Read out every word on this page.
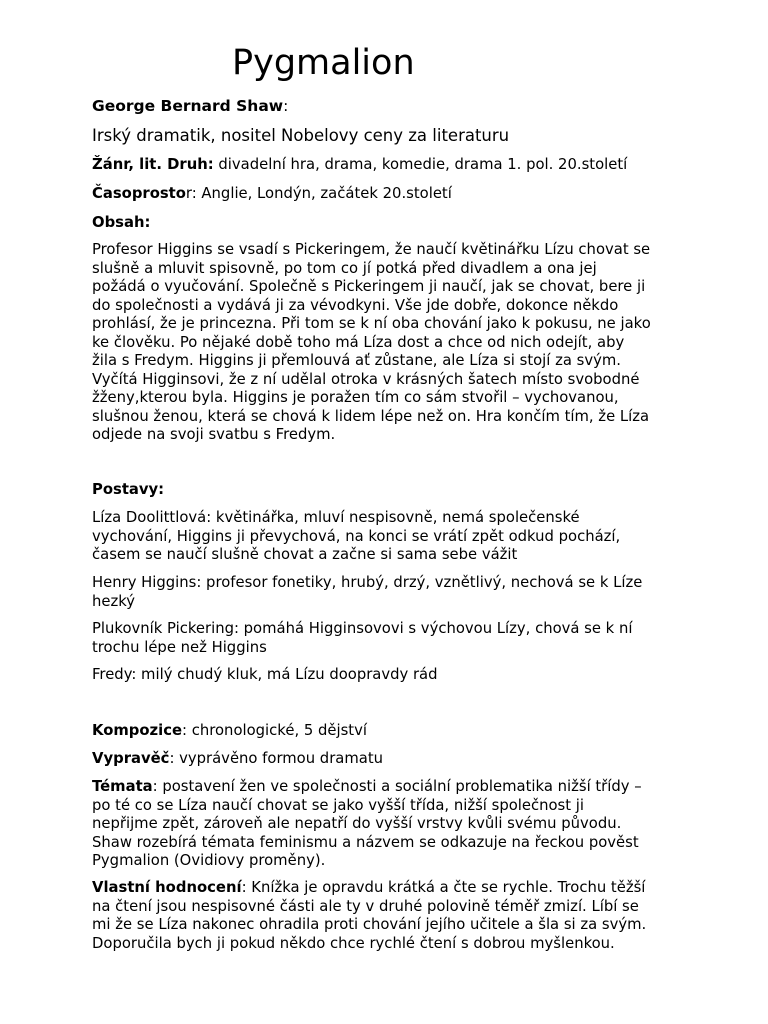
Pygmalion

George Bernard Shaw:

Irský dramatik, nositel Nobelovy ceny za literaturu

Žánr, lit. Druh: divadelní hra, drama, komedie, drama 1. pol. 20.století

Časoprostor: Anglie, Londýn, začátek 20.století

Obsah:

Profesor Higgins se vsadí s Pickeringem, že naučí květinářku Lízu chovat se
slušně a mluvit spisovně, po tom co jí potká před divadlem a ona jej
požádá o vyučování. Společně s Pickeringem ji naučí, jak se chovat, bere ji
do společnosti a vydává ji za vévodkyni. Vše jde dobře, dokonce někdo
prohlásí, že je princezna. Při tom se k ní oba chování jako k pokusu, ne jako
ke člověku. Po nějaké době toho má Líza dost a chce od nich odejít, aby
žila s Fredym. Higgins ji přemlouvá ať zůstane, ale Líza si stojí za svým.
Vyčítá Higginsovi, že z ní udělal otroka v krásných šatech místo svobodné
žženy,kterou byla. Higgins je poražen tím co sám stvořil – vychovanou,
slušnou ženou, která se chová k lidem lépe než on. Hra končím tím, že Líza
odjede na svoji svatbu s Fredym.

Postavy:

Líza Doolittlová: květinářka, mluví nespisovně, nemá společenské
vychování, Higgins ji převychová, na konci se vrátí zpět odkud pochází,
časem se naučí slušně chovat a začne si sama sebe vážit

Henry Higgins: profesor fonetiky, hrubý, drzý, vznětlivý, nechová se k Líze
hezký

Plukovník Pickering: pomáhá Higginsovovi s výchovou Lízy, chová se k ní
trochu lépe než Higgins

Fredy: milý chudý kluk, má Lízu doopravdy rád

Kompozice: chronologické, 5 dějství

Vypravěč: vyprávěno formou dramatu

Témata: postavení žen ve společnosti a sociální problematika nižší třídy –
po té co se Líza naučí chovat se jako vyšší třída, nižší společnost ji
nepřijme zpět, zároveň ale nepatří do vyšší vrstvy kvůli svému původu.
Shaw rozebírá témata feminismu a názvem se odkazuje na řeckou pověst
Pygmalion (Ovidiovy proměny).

Vlastní hodnocení: Knížka je opravdu krátká a čte se rychle. Trochu těžší
na čtení jsou nespisovné části ale ty v druhé polovině téměř zmizí. Líbí se
mi že se Líza nakonec ohradila proti chování jejího učitele a šla si za svým.
Doporučila bych ji pokud někdo chce rychlé čtení s dobrou myšlenkou.
